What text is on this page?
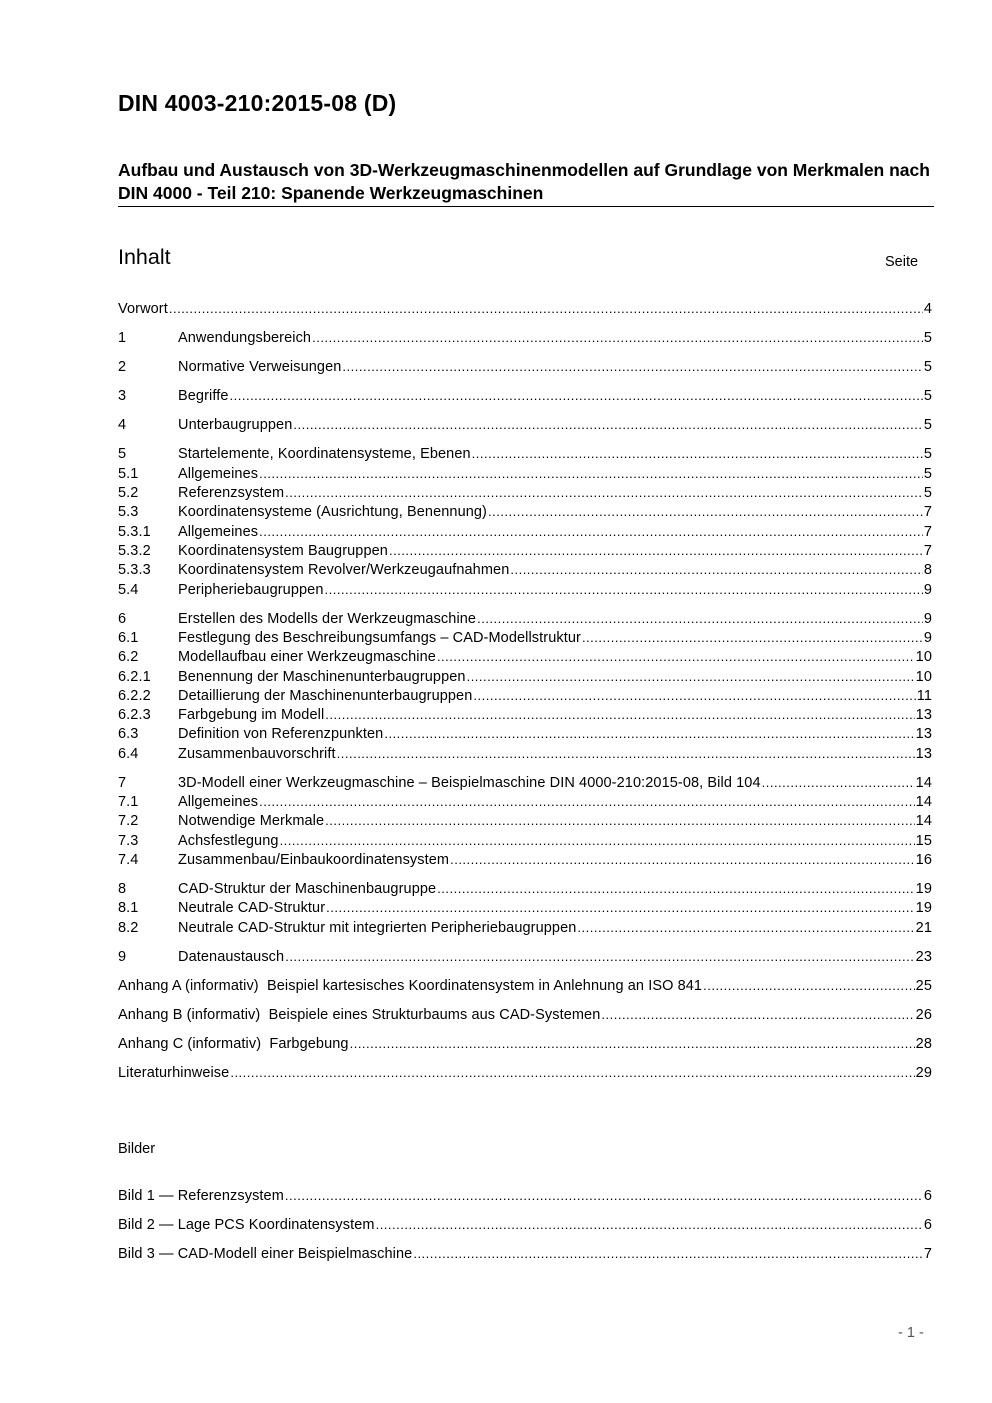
DIN 4003-210:2015-08 (D)
Aufbau und Austausch von 3D-Werkzeugmaschinenmodellen auf Grundlage von Merkmalen nach DIN 4000 - Teil 210: Spanende Werkzeugmaschinen
Inhalt	Seite
Vorwort .....	4
1	Anwendungsbereich .....	5
2	Normative Verweisungen .....	5
3	Begriffe .....	5
4	Unterbaugruppen .....	5
5	Startelemente, Koordinatensysteme, Ebenen .....	5
5.1	Allgemeines .....	5
5.2	Referenzsystem .....	5
5.3	Koordinatensysteme (Ausrichtung, Benennung) .....	7
5.3.1	Allgemeines .....	7
5.3.2	Koordinatensystem Baugruppen .....	7
5.3.3	Koordinatensystem Revolver/Werkzeugaufnahmen .....	8
5.4	Peripheriebaugruppen .....	9
6	Erstellen des Modells der Werkzeugmaschine .....	9
6.1	Festlegung des Beschreibungsumfangs – CAD-Modellstruktur .....	9
6.2	Modellaufbau einer Werkzeugmaschine .....	10
6.2.1	Benennung der Maschinenunterbaugruppen .....	10
6.2.2	Detaillierung der Maschinenunterbaugruppen .....	11
6.2.3	Farbgebung im Modell .....	13
6.3	Definition von Referenzpunkten .....	13
6.4	Zusammenbauvorschrift .....	13
7	3D-Modell einer Werkzeugmaschine – Beispielmaschine DIN 4000-210:2015-08, Bild 104 .....	14
7.1	Allgemeines .....	14
7.2	Notwendige Merkmale .....	14
7.3	Achsfestlegung .....	15
7.4	Zusammenbau/Einbaukoordinatensystem .....	16
8	CAD-Struktur der Maschinenbaugruppe .....	19
8.1	Neutrale CAD-Struktur .....	19
8.2	Neutrale CAD-Struktur mit integrierten Peripheriebaugruppen .....	21
9	Datenaustausch .....	23
Anhang A (informativ)  Beispiel kartesisches Koordinatensystem in Anlehnung an ISO 841 .....	25
Anhang B (informativ)  Beispiele eines Strukturbaums aus CAD-Systemen .....	26
Anhang C (informativ)  Farbgebung .....	28
Literaturhinweise .....	29
Bilder
Bild 1 — Referenzsystem .....	6
Bild 2 — Lage PCS Koordinatensystem .....	6
Bild 3 — CAD-Modell einer Beispielmaschine .....	7
- 1 -
